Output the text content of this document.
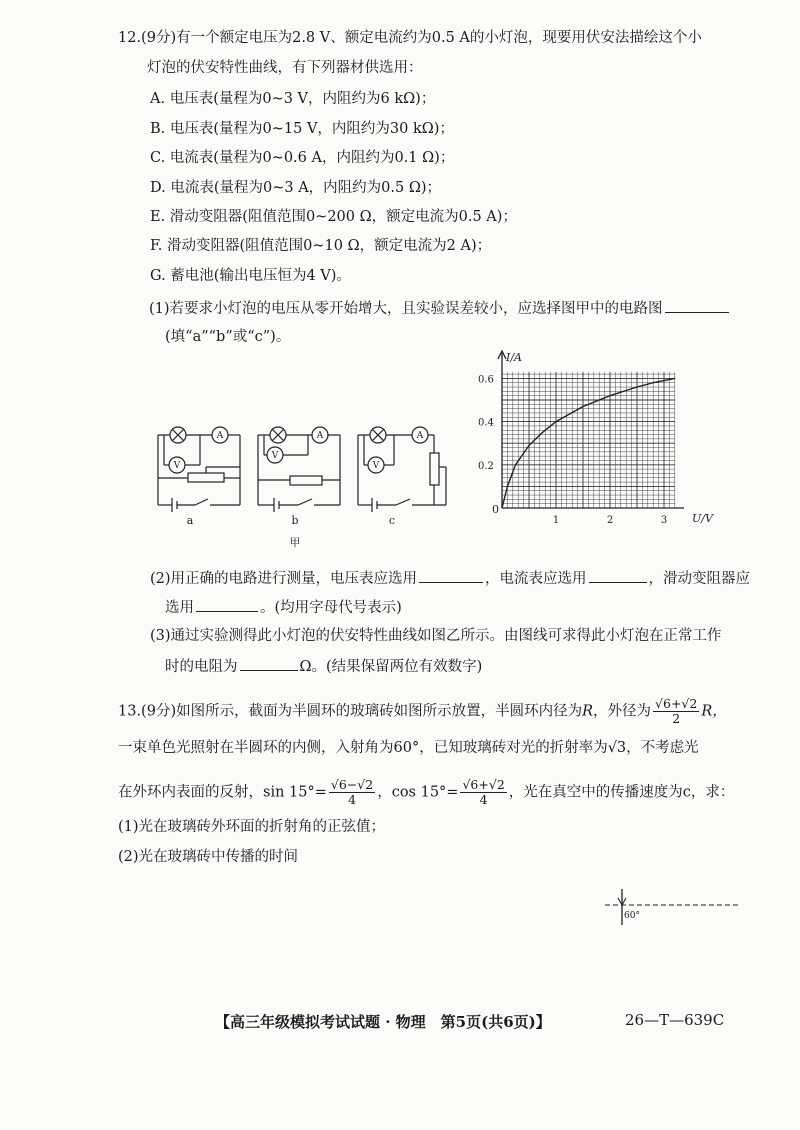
12.(9分)有一个额定电压为2.8 V、额定电流约为0.5 A的小灯泡，现要用伏安法描绘这个小
灯泡的伏安特性曲线，有下列器材供选用：
A. 电压表(量程为0~3 V，内阻约为6 kΩ)；
B. 电压表(量程为0~15 V，内阻约为30 kΩ)；
C. 电流表(量程为0~0.6 A，内阻约为0.1 Ω)；
D. 电流表(量程为0~3 A，内阻约为0.5 Ω)；
E. 滑动变阻器(阻值范围0~200 Ω，额定电流为0.5 A)；
F. 滑动变阻器(阻值范围0~10 Ω，额定电流为2 A)；
G. 蓄电池(输出电压恒为4 V)。
(1)若要求小灯泡的电压从零开始增大，且实验误差较小，应选择图甲中的电路图
(填“a”“b”或“c”)。
V
A
V
A
V
A
a	b	c
甲
I/A
U/V
0
0.2
0.4
0.6
1	2	3
(2)用正确的电路进行测量，电压表应选用	，电流表应选用	，滑动变阻器应
选用	。(均用字母代号表示)
(3)通过实验测得此小灯泡的伏安特性曲线如图乙所示。由图线可求得此小灯泡在正常工作
时的电阻为	Ω。(结果保留两位有效数字)
13.(9分)如图所示，截面为半圆环的玻璃砖如图所示放置，半圆环内径为R，外径为 $\frac{√6+√2}{2}$ R，
一束单色光照射在半圆环的内侧，入射角为60°，已知玻璃砖对光的折射率为√3，不考虑光
在外环内表面的反射，$\sin 15^\circ= \frac{√6-√2}{4}$ ，$\cos 15^\circ= \frac{√6+√2}{4}$ ，光在真空中的传播速度为c，求：
(1)光在玻璃砖外环面的折射角的正弦值；
(2)光在玻璃砖中传播的时间
60°
【高三年级模拟考试试题 · 物理　第5页(共6页)】	26—T—639C
